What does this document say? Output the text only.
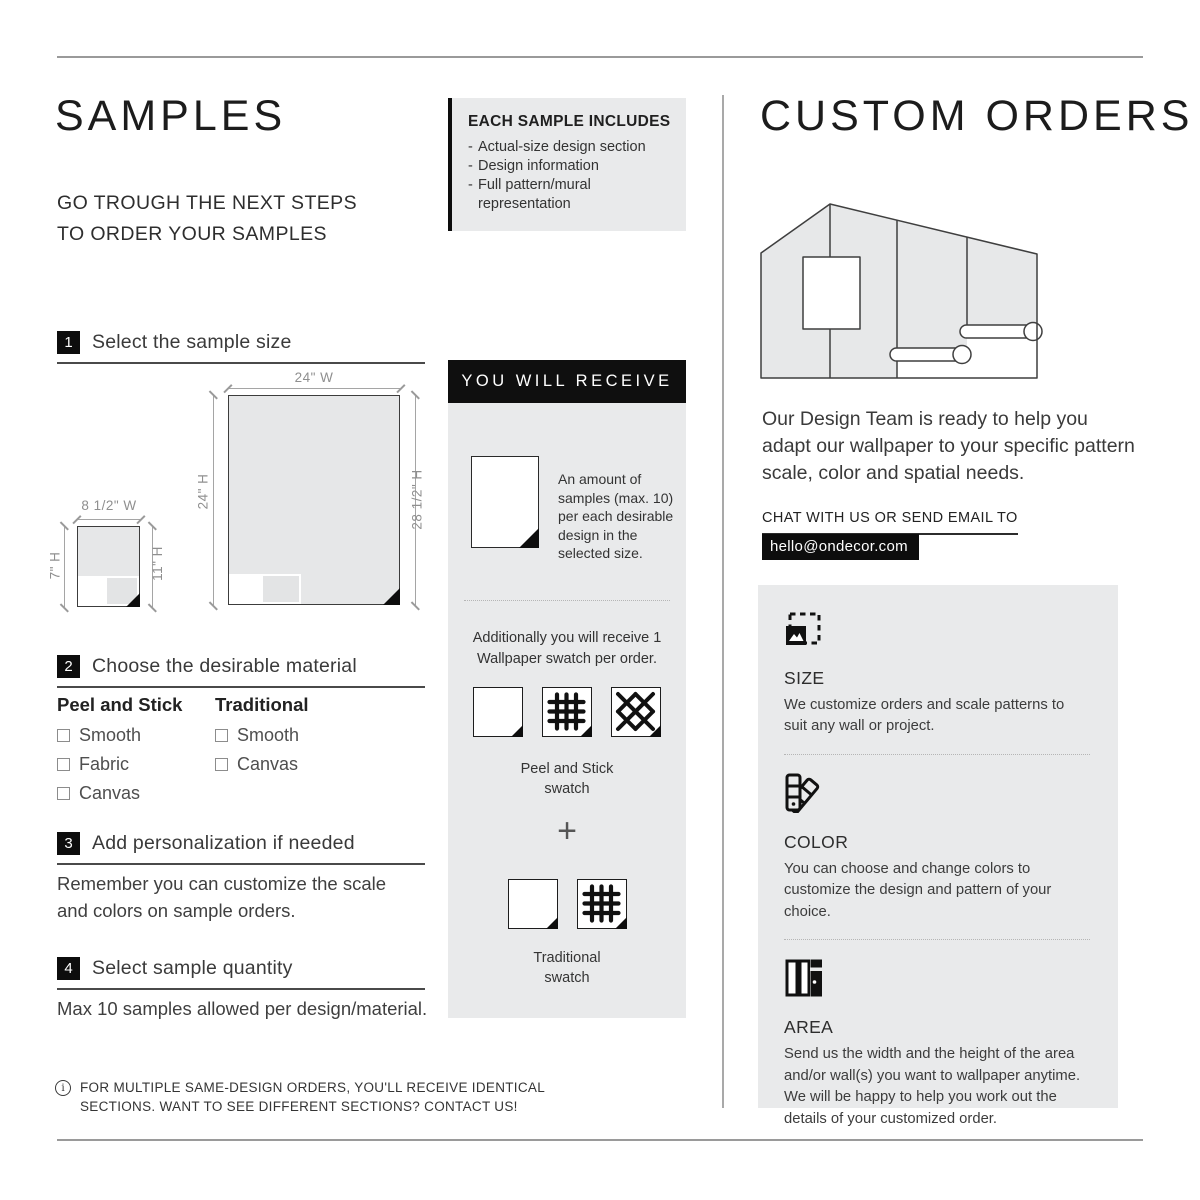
SAMPLES
GO TROUGH THE NEXT STEPS
TO ORDER YOUR SAMPLES
1 Select the sample size
24" W
24" H	28 1/2" H
8 1/2" W
7" H	11" H
2 Choose the desirable material
Peel and Stick
Smooth
Fabric
Canvas
Traditional
Smooth
Canvas
3 Add personalization if needed
Remember you can customize the scale and colors on sample orders.
4 Select sample quantity
Max 10 samples allowed per design/material.
i	FOR MULTIPLE SAME-DESIGN ORDERS, YOU'LL RECEIVE IDENTICAL SECTIONS. WANT TO SEE DIFFERENT SECTIONS? CONTACT US!
EACH SAMPLE INCLUDES
- Actual-size design section
- Design information
- Full pattern/mural representation
YOU WILL RECEIVE
An amount of samples (max. 10) per each desirable design in the selected size.
Additionally you will receive 1 Wallpaper swatch per order.
Peel and Stick
swatch
+
Traditional
swatch
CUSTOM ORDERS
Our Design Team is ready to help you adapt our wallpaper to your specific pattern scale, color and spatial needs.
CHAT WITH US OR SEND EMAIL TO
hello@ondecor.com
SIZE
We customize orders and scale patterns to suit any wall or project.
COLOR
You can choose and change colors to customize the design and pattern of your choice.
AREA
Send us the width and the height of the area and/or wall(s) you want to wallpaper anytime. We will be happy to help you work out the details of your customized order.
